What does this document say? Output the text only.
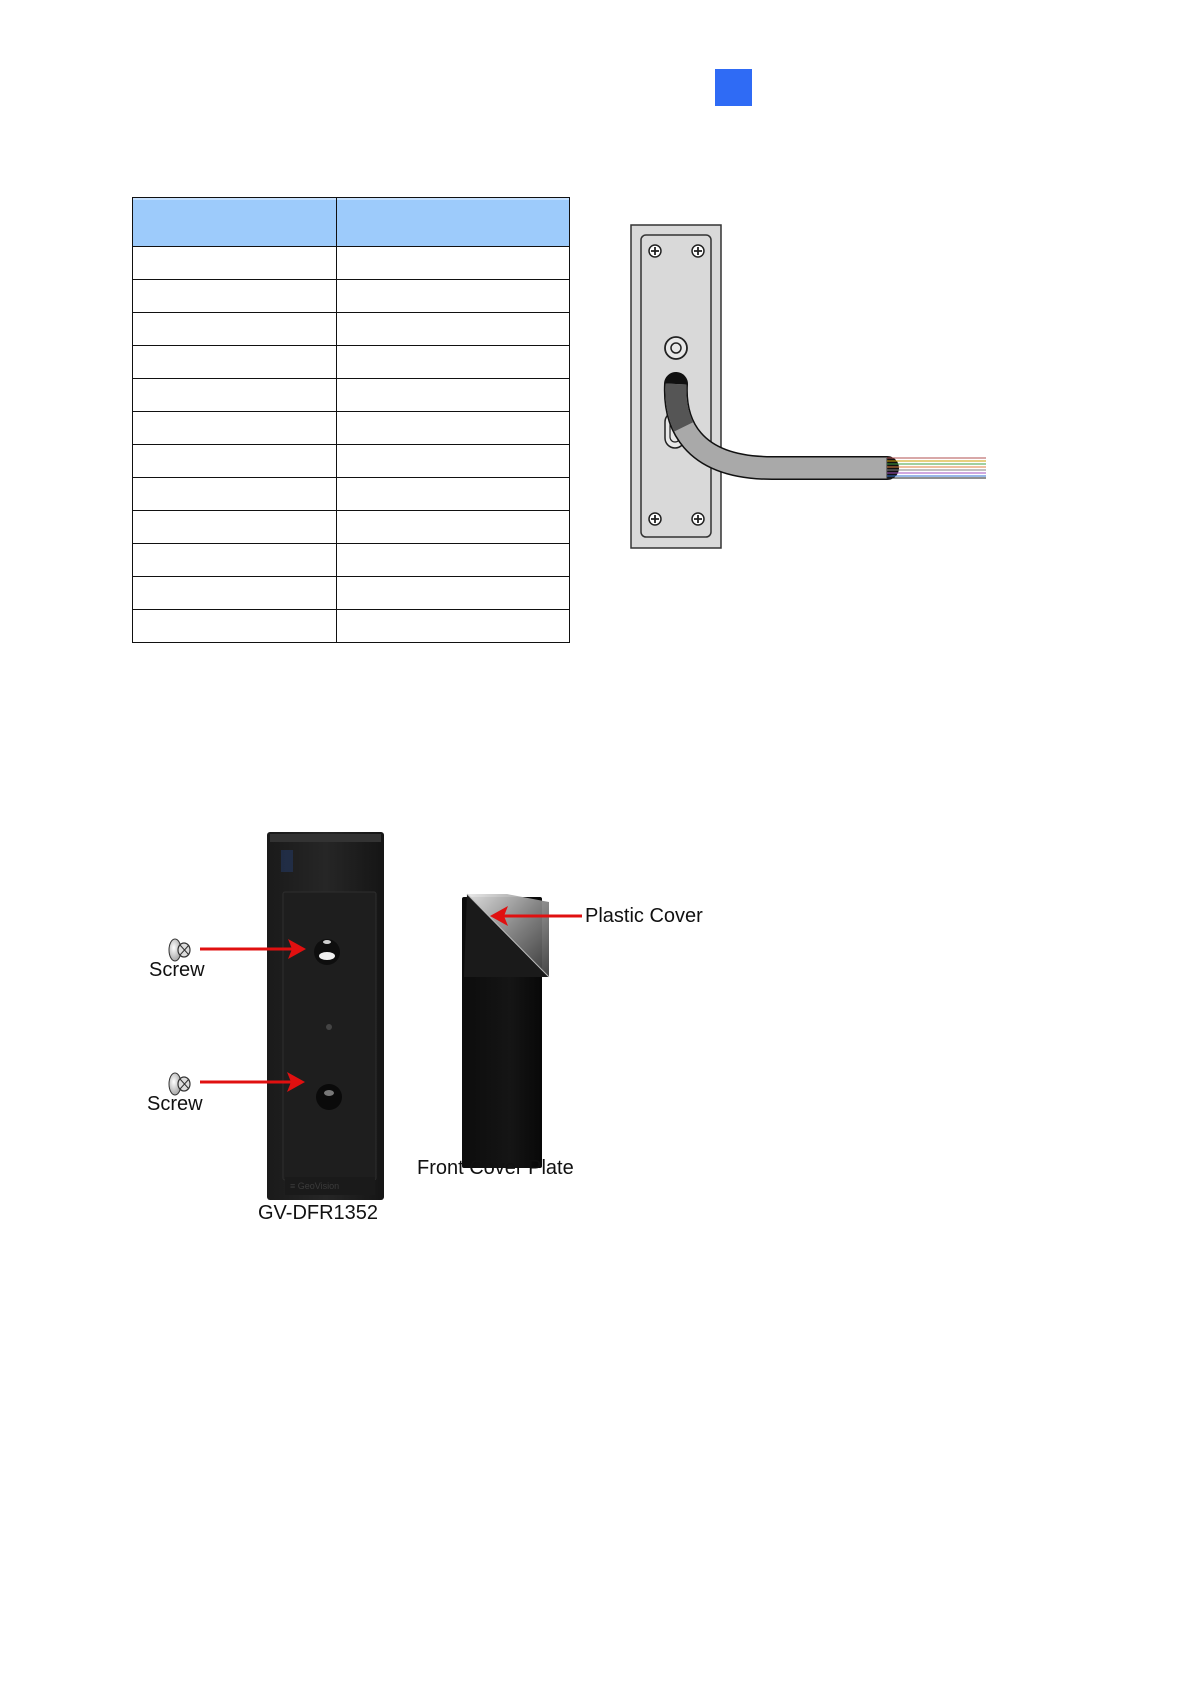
≡ GeoVision
Screw
Screw
Plastic Cover
Front Cover Plate
GV-DFR1352
